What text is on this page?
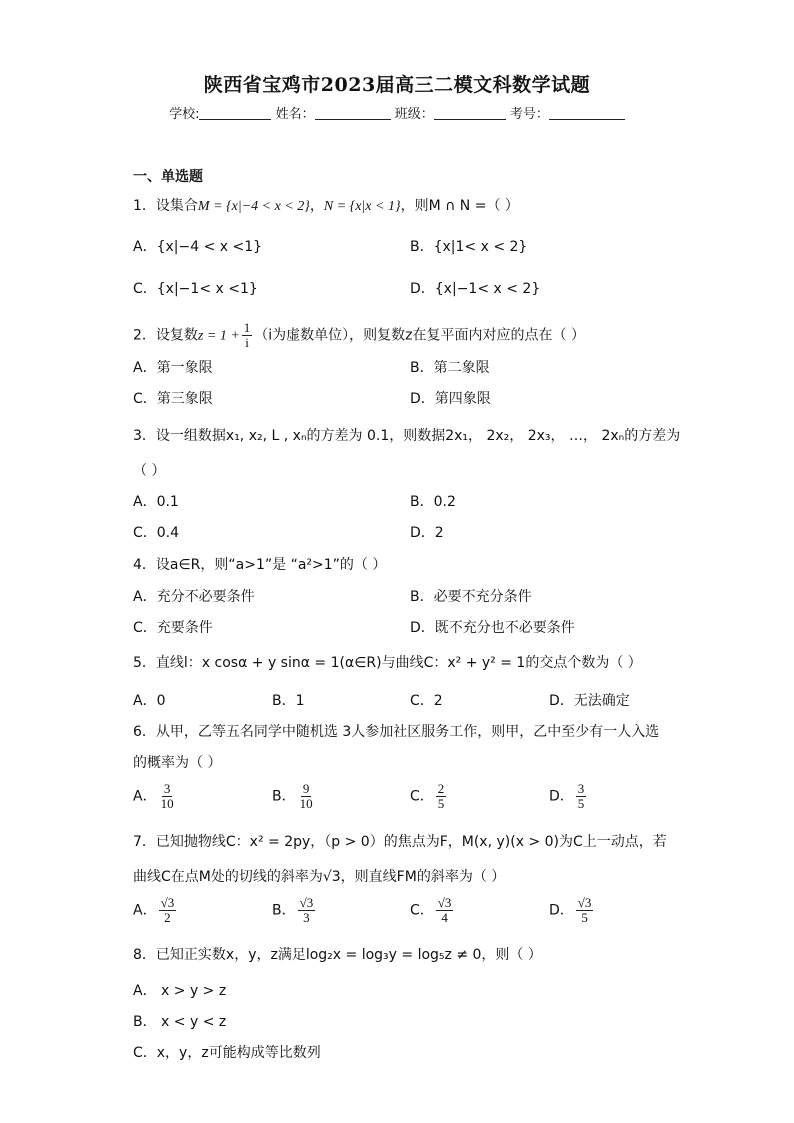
陕西省宝鸡市2023届高三二模文科数学试题
学校:	姓名：	班级：	考号：
一、单选题
1．设集合M = {x|−4 < x < 2}，N = {x|x < 1}，则M ∩ N =（ ）
A．{x|−4 < x <1}	B．{x|1< x < 2}
C．{x|−1< x <1}	D．{x|−1< x < 2}
2．设复数$z = 1 + \frac{1}{i} (i$为虚数单位），则复数z在复平面内对应的点在（ ）
A．第一象限	B．第二象限
C．第三象限	D．第四象限
3．设一组数据x₁, x₂, L , xₙ的方差为 0.1，则数据2x₁， 2x₂， 2x₃， …， 2xₙ的方差为
（ ）
A．0.1	B．0.2
C．0.4	D．2
4．设a∈R，则“a>1”是 “a²>1”的（ ）
A．充分不必要条件	B．必要不充分条件
C．充要条件	D．既不充分也不必要条件
5．直线l：x cosα + y sinα = 1(α∈R)与曲线C：x² + y² = 1的交点个数为（ ）
A．0	B．1	C．2	D．无法确定
6．从甲，乙等五名同学中随机选 3人参加社区服务工作，则甲，乙中至少有一人入选
的概率为（ ）
A． $\frac{3}{10}$	B． $\frac{9}{10}$	C． $\frac{2}{5}$	D． $\frac{3}{5}$
7．已知抛物线C：x² = 2py，（p > 0）的焦点为F，M(x, y)(x > 0)为C上一动点，若
曲线C在点M处的切线的斜率为√3，则直线FM的斜率为（ ）
A． $\frac{√3}{2}$	B． $\frac{√3}{3}$	C． $\frac{√3}{4}$	D． $\frac{√3}{5}$
8．已知正实数x，y，z满足log₂x = log₃y = log₅z ≠ 0，则（ ）
A． x > y > z
B． x < y < z
C．x，y，z可能构成等比数列
